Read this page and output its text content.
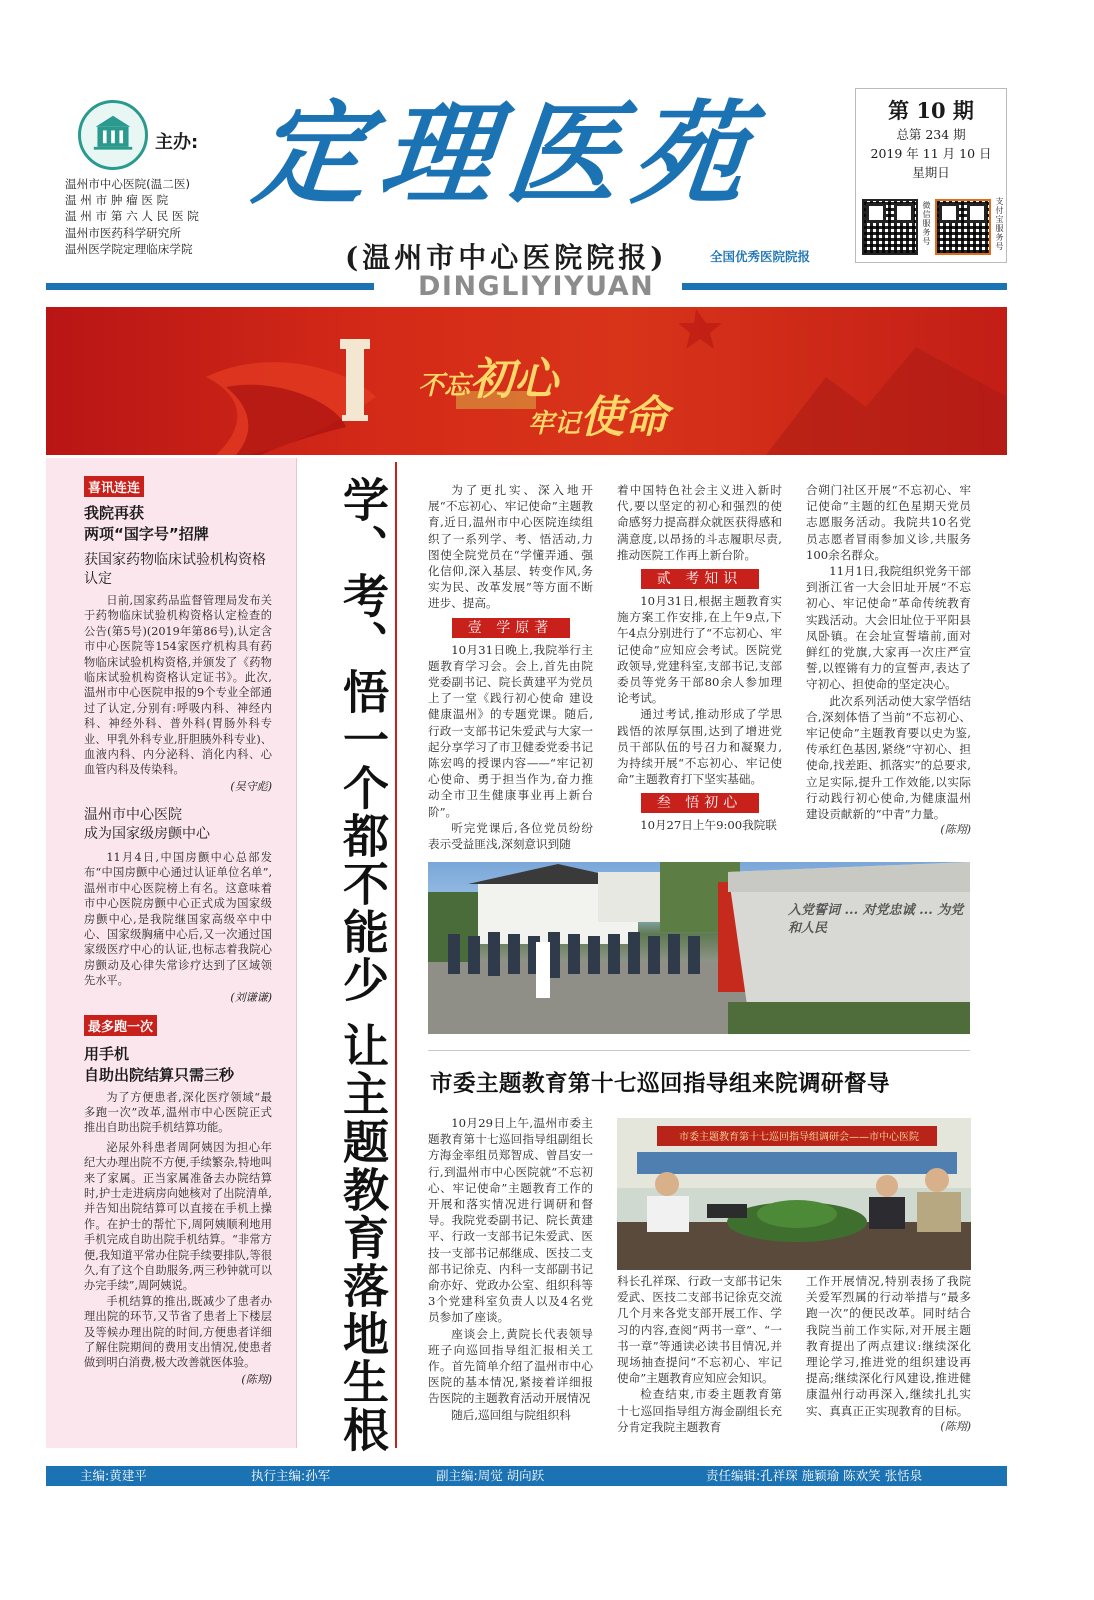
主办:
温州市中心医院(温二医)
温 州 市 肿 瘤 医 院
温 州 市 第 六 人 民 医 院
温州市医药科学研究所
温州医学院定理临床学院
定理医苑
(温州市中心医院院报)	全国优秀医院院报
DINGLIYIYUAN
第 10 期
总第 234 期
2019 年 11 月 10 日
星期日
微信服务号
支付宝服务号
不忘初心
牢记使命
喜讯连连
我院再获
两项“国字号”招牌
获国家药物临床试验机构资格认定

日前,国家药品监督管理局发布关于药物临床试验机构资格认定检查的公告(第5号)(2019年第86号),认定含市中心医院等154家医疗机构具有药物临床试验机构资格,并颁发了《药物临床试验机构资格认定证书》。此次,温州市中心医院申报的9个专业全部通过了认定,分别有:呼吸内科、神经内科、神经外科、普外科(胃肠外科专业、甲乳外科专业,肝胆胰外科专业)、血液内科、内分泌科、消化内科、心血管内科及传染科。

(吴守彪)
温州市中心医院
成为国家级房颤中心

11月4日,中国房颤中心总部发布“中国房颤中心通过认证单位名单”,温州市中心医院榜上有名。这意味着市中心医院房颤中心正式成为国家级房颤中心,是我院继国家高级卒中中心、国家级胸痛中心后,又一次通过国家级医疗中心的认证,也标志着我院心房颤动及心律失常诊疗达到了区域领先水平。

(刘谦谦)
最多跑一次
用手机
自助出院结算只需三秒

为了方便患者,深化医疗领域“最多跑一次”改革,温州市中心医院正式推出自助出院手机结算功能。

泌尿外科患者周阿姨因为担心年纪大办理出院不方便,手续繁杂,特地叫来了家属。正当家属准备去办院结算时,护士走进病房向她核对了出院清单,并告知出院结算可以直接在手机上操作。在护士的帮忙下,周阿姨顺利地用手机完成自助出院手机结算。“非常方便,我知道平常办住院手续要排队,等很久,有了这个自助服务,两三秒钟就可以办完手续”,周阿姨说。

手机结算的推出,既减少了患者办理出院的环节,又节省了患者上下楼层及等候办理出院的时间,方便患者详细了解住院期间的费用支出情况,使患者做到明白消费,极大改善就医体验。

(陈翔)	学、考、悟一个都不能少 让主题教育落地生根	为了更扎实、深入地开展“不忘初心、牢记使命”主题教育,近日,温州市中心医院连续组织了一系列学、考、悟活动,力图使全院党员在“学懂弄通、强化信仰,深入基层、转变作风,务实为民、改革发展”等方面不断进步、提高。

壹 学原著

10月31日晚上,我院举行主题教育学习会。会上,首先由院党委副书记、院长黄建平为党员上了一堂《践行初心使命 建设健康温州》的专题党课。随后,行政一支部书记朱爱武与大家一起分享学习了市卫健委党委书记陈宏鸣的授课内容——“牢记初心使命、勇于担当作为,奋力推动全市卫生健康事业再上新台阶”。

听完党课后,各位党员纷纷表示受益匪浅,深刻意识到随

着中国特色社会主义进入新时代,要以坚定的初心和强烈的使命感努力提高群众就医获得感和满意度,以昂扬的斗志履职尽责,推动医院工作再上新台阶。

贰 考知识

10月31日,根据主题教育实施方案工作安排,在上午9点,下午4点分别进行了“不忘初心、牢记使命”应知应会考试。医院党政领导,党建科室,支部书记,支部委员等党务干部80余人参加理论考试。

通过考试,推动形成了学思践悟的浓厚氛围,达到了增进党员干部队伍的号召力和凝聚力,为持续开展“不忘初心、牢记使命”主题教育打下坚实基础。

叁 悟初心

10月27日上午9:00我院联

合朔门社区开展“不忘初心、牢记使命”主题的红色星期天党员志愿服务活动。我院共10名党员志愿者冒雨参加义诊,共服务100余名群众。

11月1日,我院组织党务干部到浙江省一大会旧址开展“不忘初心、牢记使命”革命传统教育实践活动。大会旧址位于平阳县凤卧镇。在会址宣誓墙前,面对鲜红的党旗,大家再一次庄严宣誓,以铿锵有力的宣誓声,表达了守初心、担使命的坚定决心。

此次系列活动使大家学悟结合,深刻体悟了当前“不忘初心、牢记使命”主题教育要以史为鉴,传承红色基因,紧绕“守初心、担使命,找差距、抓落实”的总要求,立足实际,提升工作效能,以实际行动践行初心使命,为健康温州建设贡献新的“中青”力量。

(陈翔)
入党誓词 ... 对党忠诚 ... 为党和人民
市委主题教育第十七巡回指导组来院调研督导

10月29日上午,温州市委主题教育第十七巡回指导组副组长方海金率组员郑智成、曾昌安一行,到温州市中心医院就“不忘初心、牢记使命”主题教育工作的开展和落实情况进行调研和督导。我院党委副书记、院长黄建平、行政一支部书记朱爱武、医技一支部书记郝继成、医技二支部书记徐克、内科一支部副书记俞亦好、党政办公室、组织科等3个党建科室负责人以及4名党员参加了座谈。

座谈会上,黄院长代表领导班子向巡回指导组汇报相关工作。首先简单介绍了温州市中心医院的基本情况,紧接着详细报告医院的主题教育活动开展情况

随后,巡回组与院组织科

市委主题教育第十七巡回指导组调研会——市中心医院

科长孔祥琛、行政一支部书记朱爱武、医技二支部书记徐克交流几个月来各党支部开展工作、学习的内容,查阅“两书一章”、“一书一章”等通读必读书目情况,并现场抽查提问“不忘初心、牢记使命”主题教育应知应会知识。

检查结束,市委主题教育第十七巡回指导组方海金副组长充分肯定我院主题教育

工作开展情况,特别表扬了我院关爱军烈属的行动举措与“最多跑一次”的便民改革。同时结合我院当前工作实际,对开展主题教育提出了两点建议:继续深化理论学习,推进党的组织建设再提高;继续深化行风建设,推进健康温州行动再深入,继续扎扎实实、真真正正实现教育的目标。

(陈翔)
主编:黄建平	执行主编:孙军	副主编:周觉 胡向跃	责任编辑:孔祥琛 施颖瑜 陈欢笑 张恬泉
